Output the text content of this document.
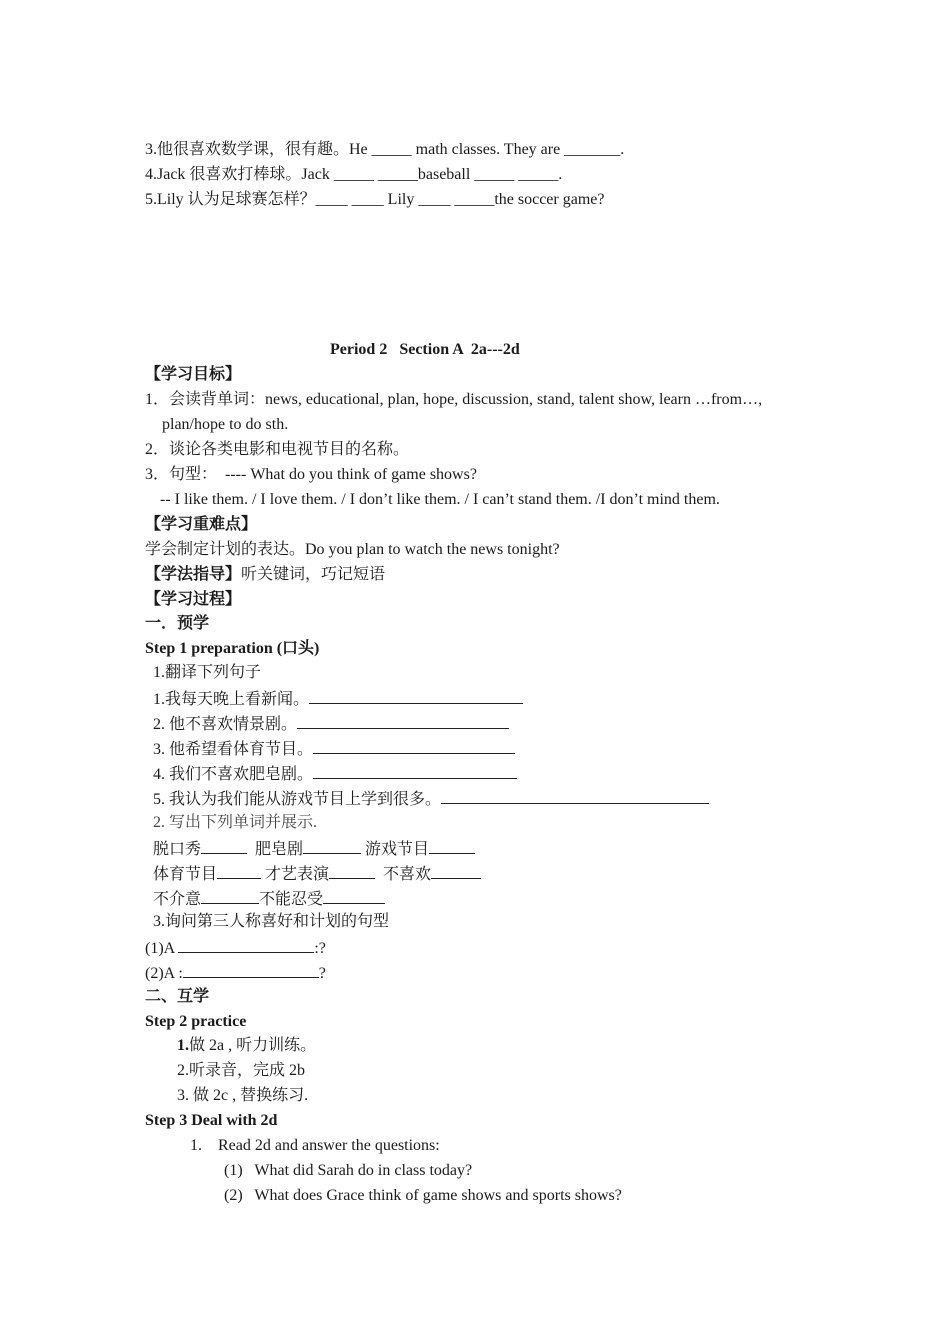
3.他很喜欢数学课，很有趣。He _____ math classes. They are _______.
4.Jack 很喜欢打棒球。Jack _____ _____baseball _____ _____.
5.Lily 认为足球赛怎样？____ ____ Lily ____ _____the soccer game?
Period 2   Section A  2a---2d
【学习目标】
1．会读背单词：news, educational, plan, hope, discussion, stand, talent show, learn …from…,
plan/hope to do sth.
2．谈论各类电影和电视节目的名称。
3．句型：  ---- What do you think of game shows?
-- I like them. / I love them. / I don’t like them. / I can’t stand them. /I don’t mind them.
【学习重难点】
学会制定计划的表达。Do you plan to watch the news tonight?
【学法指导】听关键词，巧记短语
【学习过程】
一．预学
Step 1 preparation (口头)
1.翻译下列句子
1.我每天晚上看新闻。
2. 他不喜欢情景剧。
3. 他希望看体育节目。
4. 我们不喜欢肥皂剧。
5. 我认为我们能从游戏节目上学到很多。
2. 写出下列单词并展示.
脱口秀	肥皂剧	游戏节目
体育节目	才艺表演	不喜欢
不介意	不能忍受
3.询问第三人称喜好和计划的句型
(1)A	:?
(2)A :	?
二、互学
Step 2 practice
1.做 2a , 听力训练。
2.听录音，完成 2b
3. 做 2c , 替换练习.
Step 3 Deal with 2d
1.    Read 2d and answer the questions:
(1)   What did Sarah do in class today?
(2)   What does Grace think of game shows and sports shows?
